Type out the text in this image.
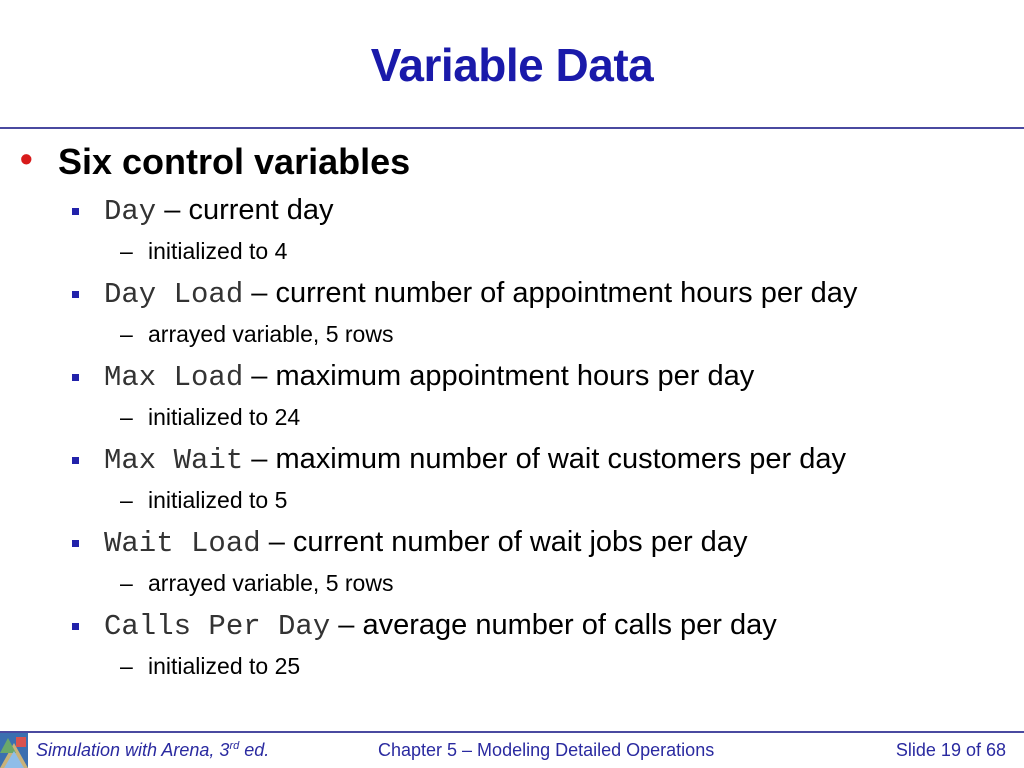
Variable Data
• Six control variables
Day – current day
– initialized to 4
Day Load – current number of appointment hours per day
– arrayed variable, 5 rows
Max Load – maximum appointment hours per day
– initialized to 24
Max Wait – maximum number of wait customers per day
– initialized to 5
Wait Load – current number of wait jobs per day
– arrayed variable, 5 rows
Calls Per Day – average number of calls per day
– initialized to 25
Simulation with Arena, 3rd ed.	Chapter 5 – Modeling Detailed Operations	Slide 19 of 68
